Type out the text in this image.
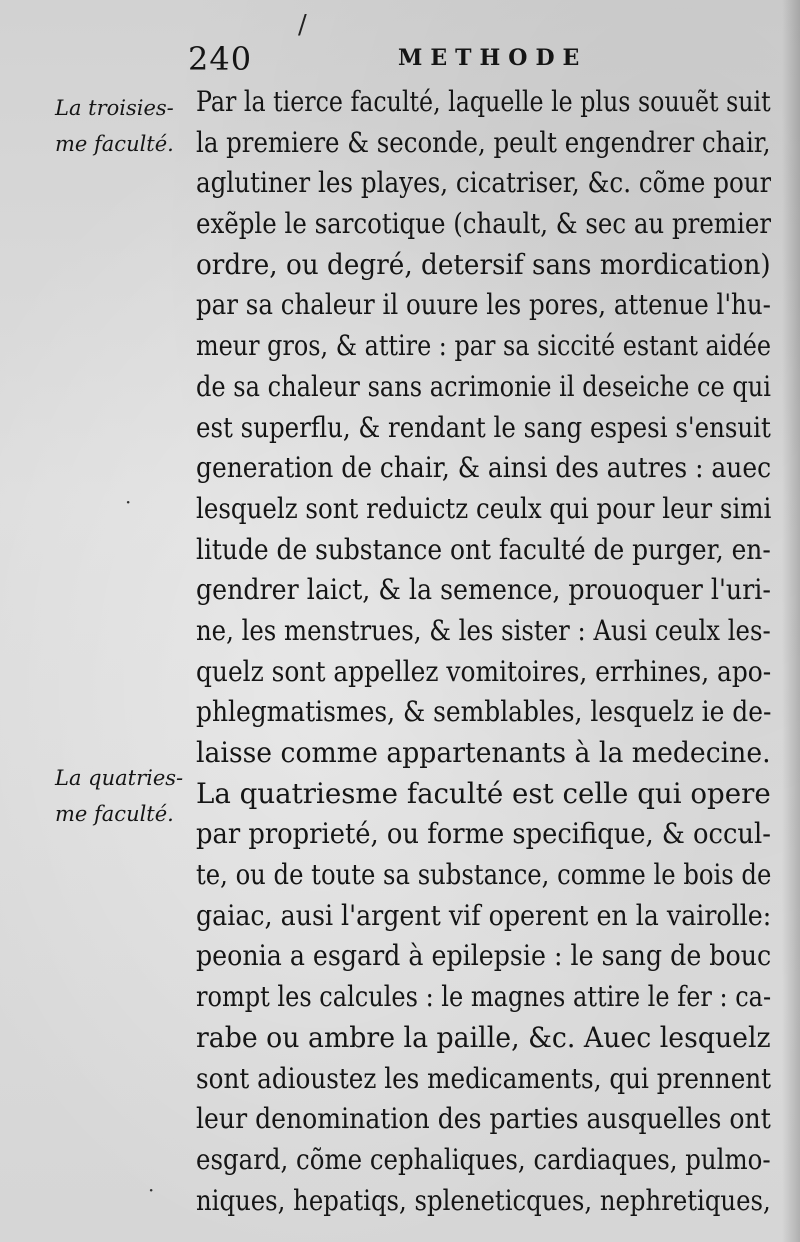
/
240	METHODE
La troisies-
me faculté.
La quatries-
me faculté.
Par la tierce faculté, laquelle le plus souuẽt suit
la premiere & seconde, peult engendrer chair,
aglutiner les playes, cicatriser, &c. cõme pour
exẽple le sarcotique (chault, & sec au premier
ordre, ou degré, detersif sans mordication)
par sa chaleur il ouure les pores, attenue l'hu-
meur gros, & attire : par sa siccité estant aidée
de sa chaleur sans acrimonie il deseiche ce qui
est superflu, & rendant le sang espesi s'ensuit
generation de chair, & ainsi des autres : auec
lesquelz sont reduictz ceulx qui pour leur simi
litude de substance ont faculté de purger, en-
gendrer laict, & la semence, prouoquer l'uri-
ne, les menstrues, & les sister : Ausi ceulx les-
quelz sont appellez vomitoires, errhines, apo-
phlegmatismes, & semblables, lesquelz ie de-
laisse comme appartenants à la medecine.
La quatriesme faculté est celle qui opere
par proprieté, ou forme specifique, & occul-
te, ou de toute sa substance, comme le bois de
gaiac, ausi l'argent vif operent en la vairolle:
peonia a esgard à epilepsie : le sang de bouc
rompt les calcules : le magnes attire le fer : ca-
rabe ou ambre la paille, &c. Auec lesquelz
sont adioustez les medicaments, qui prennent
leur denomination des parties ausquelles ont
esgard, cõme cephaliques, cardiaques, pulmo-
niques, hepatiqs, spleneticques, nephretiques,
·
·
